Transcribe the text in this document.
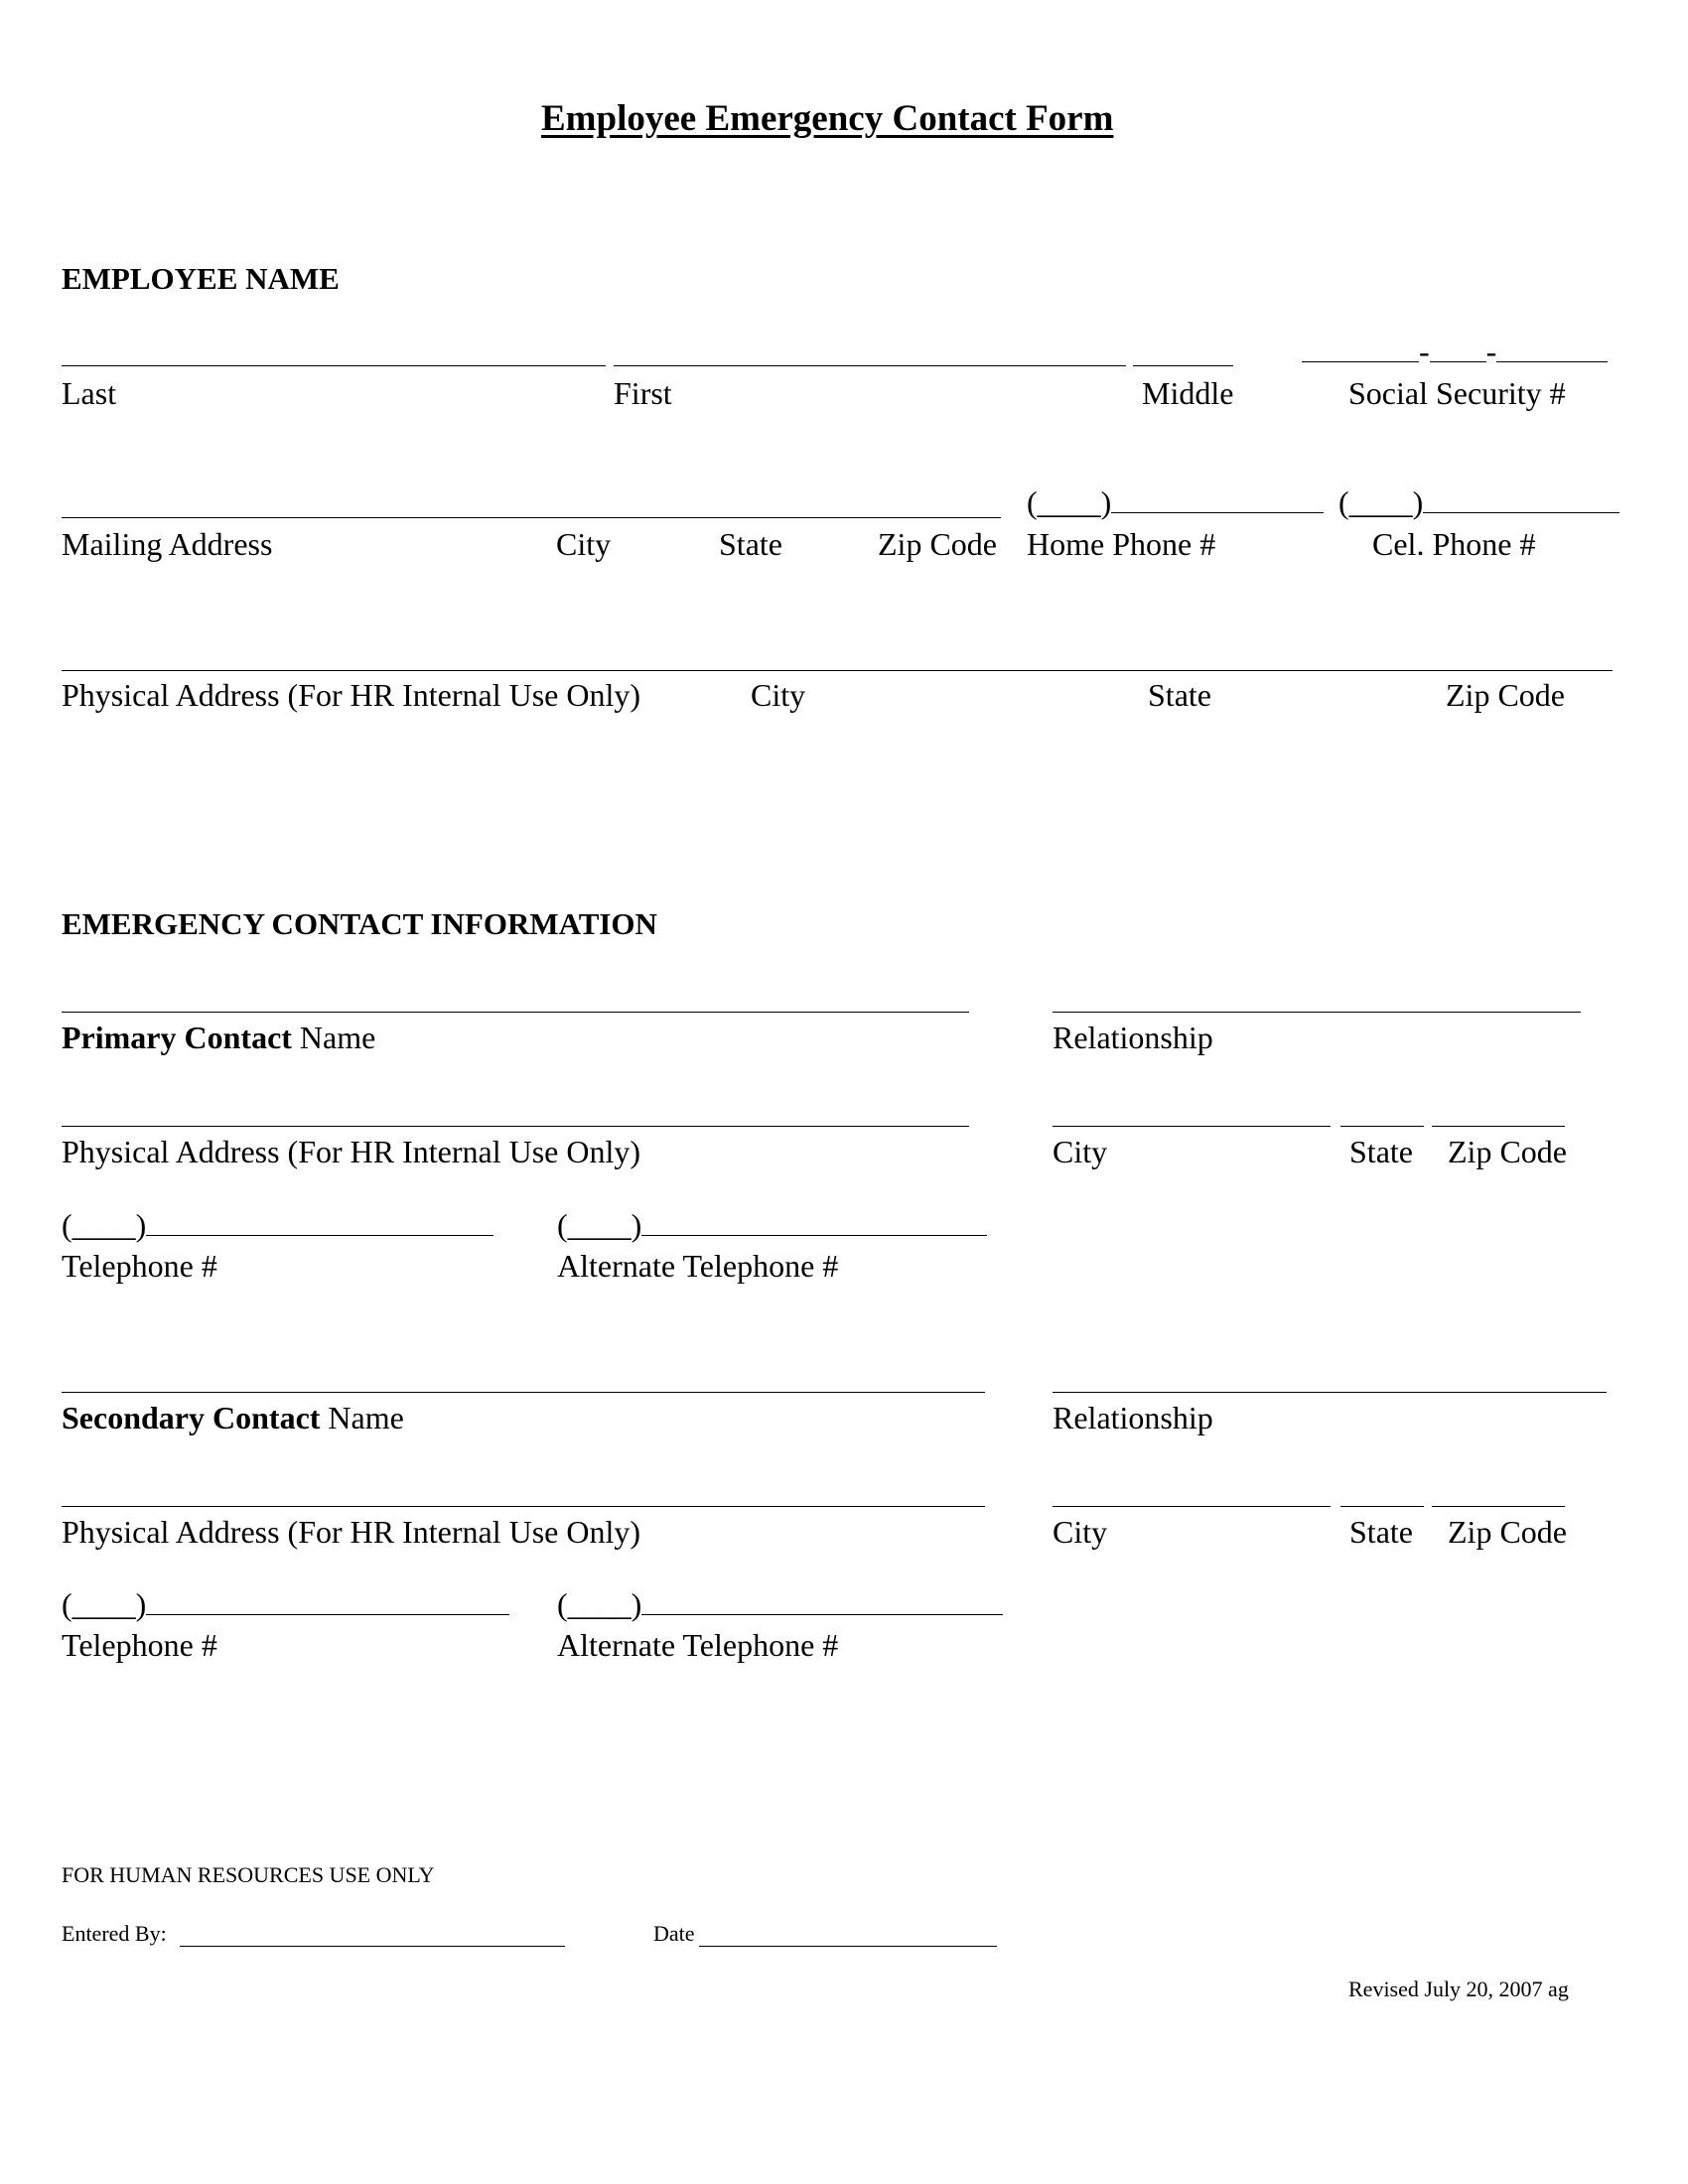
Employee Emergency Contact Form
EMPLOYEE NAME
- -
Last	First	Middle	Social Security #
(____)	(____)
Mailing Address	City	State	Zip Code Home Phone #	Cel. Phone #
Physical Address (For HR Internal Use Only)	City	State	Zip Code
EMERGENCY CONTACT INFORMATION
Primary Contact Name	Relationship
Physical Address (For HR Internal Use Only)	City	State Zip Code
(____)	(____)
Telephone #	Alternate Telephone #
Secondary Contact Name	Relationship
Physical Address (For HR Internal Use Only)	City	State Zip Code
(____)	(____)
Telephone #	Alternate Telephone #
FOR HUMAN RESOURCES USE ONLY
Entered By:	Date
Revised July 20, 2007 ag
